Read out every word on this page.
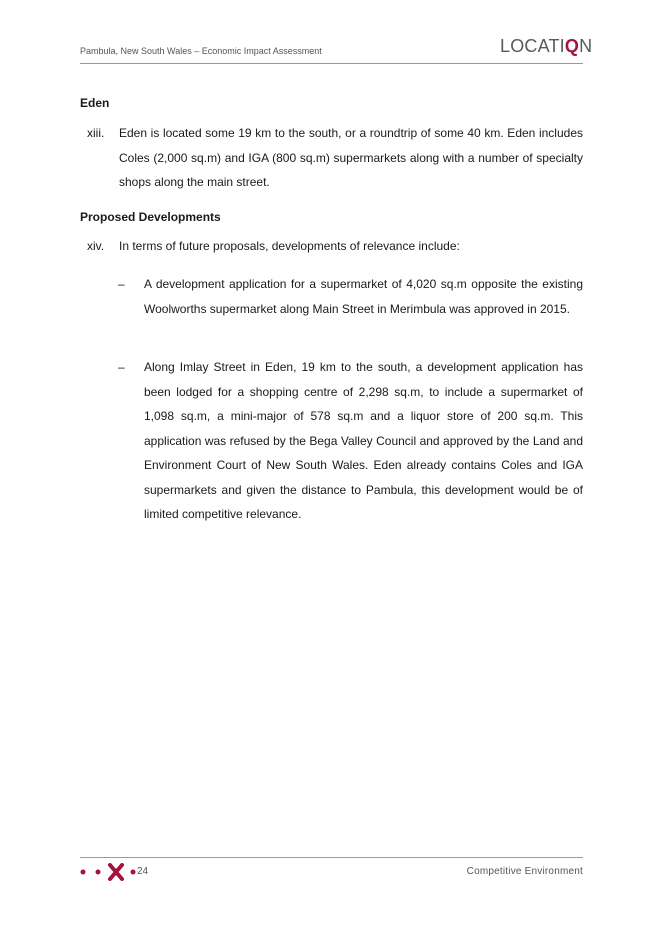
Pambula, New South Wales – Economic Impact Assessment	LOCATIQN
Eden
xiii.	Eden is located some 19 km to the south, or a roundtrip of some 40 km. Eden includes Coles (2,000 sq.m) and IGA (800 sq.m) supermarkets along with a number of specialty shops along the main street.
Proposed Developments
xiv.	In terms of future proposals, developments of relevance include:
–	A development application for a supermarket of 4,020 sq.m opposite the existing Woolworths supermarket along Main Street in Merimbula was approved in 2015.
–	Along Imlay Street in Eden, 19 km to the south, a development application has been lodged for a shopping centre of 2,298 sq.m, to include a supermarket of 1,098 sq.m, a mini-major of 578 sq.m and a liquor store of 200 sq.m. This application was refused by the Bega Valley Council and approved by the Land and Environment Court of New South Wales. Eden already contains Coles and IGA supermarkets and given the distance to Pambula, this development would be of limited competitive relevance.
24	Competitive Environment
